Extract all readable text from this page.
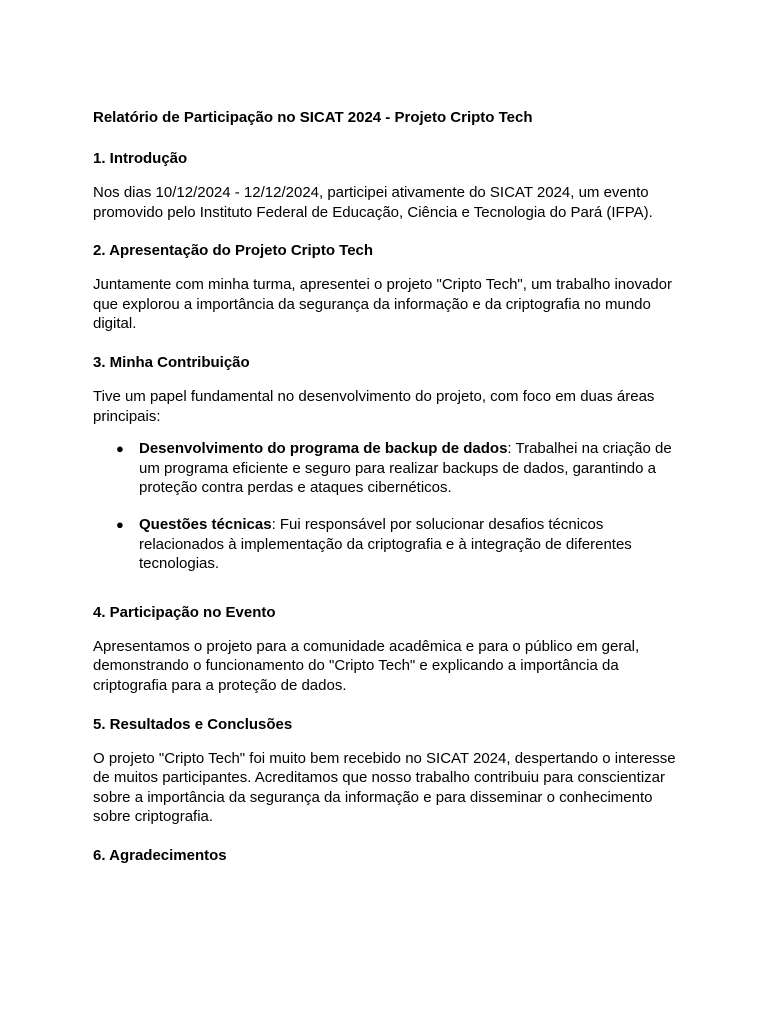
Relatório de Participação no SICAT 2024 - Projeto Cripto Tech
1. Introdução

Nos dias 10/12/2024 - 12/12/2024, participei ativamente do SICAT 2024, um evento promovido pelo Instituto Federal de Educação, Ciência e Tecnologia do Pará (IFPA).

2. Apresentação do Projeto Cripto Tech

Juntamente com minha turma, apresentei o projeto "Cripto Tech", um trabalho inovador que explorou a importância da segurança da informação e da criptografia no mundo digital.

3. Minha Contribuição

Tive um papel fundamental no desenvolvimento do projeto, com foco em duas áreas principais:

● Desenvolvimento do programa de backup de dados: Trabalhei na criação de um programa eficiente e seguro para realizar backups de dados, garantindo a proteção contra perdas e ataques cibernéticos.
● Questões técnicas: Fui responsável por solucionar desafios técnicos relacionados à implementação da criptografia e à integração de diferentes tecnologias.
4. Participação no Evento

Apresentamos o projeto para a comunidade acadêmica e para o público em geral, demonstrando o funcionamento do "Cripto Tech" e explicando a importância da criptografia para a proteção de dados.

5. Resultados e Conclusões

O projeto "Cripto Tech" foi muito bem recebido no SICAT 2024, despertando o interesse de muitos participantes. Acreditamos que nosso trabalho contribuiu para conscientizar sobre a importância da segurança da informação e para disseminar o conhecimento sobre criptografia.

6. Agradecimentos
